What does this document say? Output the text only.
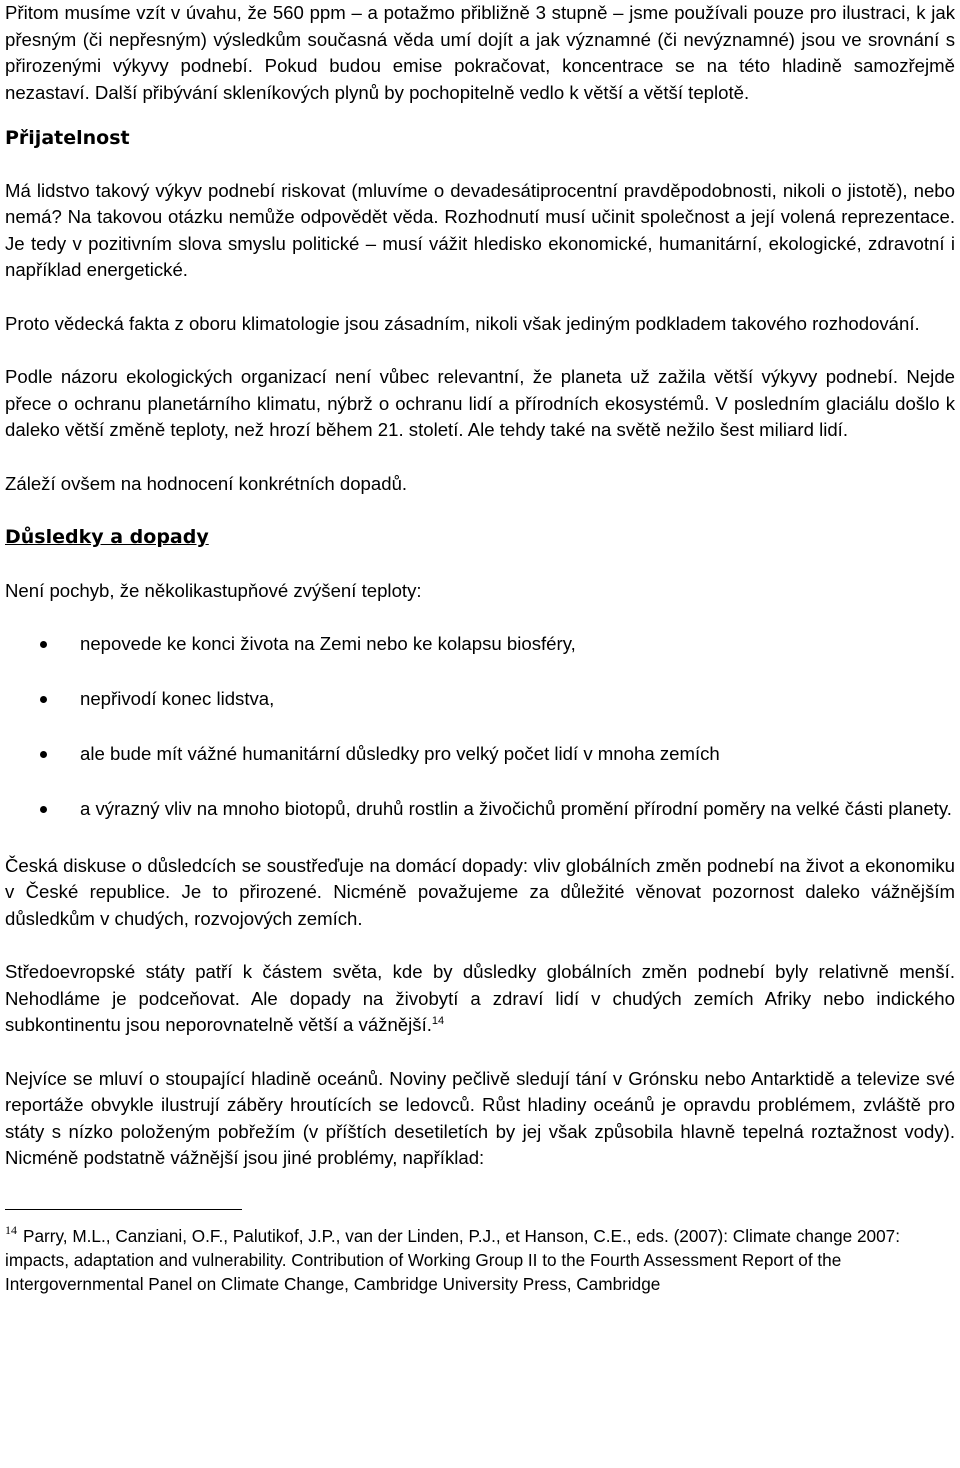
Přitom musíme vzít v úvahu, že 560 ppm – a potažmo přibližně 3 stupně – jsme používali pouze pro ilustraci, k jak přesným (či nepřesným) výsledkům současná věda umí dojít a jak významné (či nevýznamné) jsou ve srovnání s přirozenými výkyvy podnebí. Pokud budou emise pokračovat, koncentrace se na této hladině samozřejmě nezastaví. Další přibývání skleníkových plynů by pochopitelně vedlo k větší a větší teplotě.

Přijatelnost

Má lidstvo takový výkyv podnebí riskovat (mluvíme o devadesátiprocentní pravděpodobnosti, nikoli o jistotě), nebo nemá? Na takovou otázku nemůže odpovědět věda. Rozhodnutí musí učinit společnost a její volená reprezentace. Je tedy v pozitivním slova smyslu politické – musí vážit hledisko ekonomické, humanitární, ekologické, zdravotní i například energetické.

Proto vědecká fakta z oboru klimatologie jsou zásadním, nikoli však jediným podkladem takového rozhodování.

Podle názoru ekologických organizací není vůbec relevantní, že planeta už zažila větší výkyvy podnebí. Nejde přece o ochranu planetárního klimatu, nýbrž o ochranu lidí a přírodních ekosystémů. V posledním glaciálu došlo k daleko větší změně teploty, než hrozí během 21. století. Ale tehdy také na světě nežilo šest miliard lidí.

Záleží ovšem na hodnocení konkrétních dopadů.

Důsledky a dopady

Není pochyb, že několikastupňové zvýšení teploty:

nepovede ke konci života na Zemi nebo ke kolapsu biosféry,
nepřivodí konec lidstva,
ale bude mít vážné humanitární důsledky pro velký počet lidí v mnoha zemích
a výrazný vliv na mnoho biotopů, druhů rostlin a živočichů promění přírodní poměry na velké části planety.

Česká diskuse o důsledcích se soustřeďuje na domácí dopady: vliv globálních změn podnebí na život a ekonomiku v České republice. Je to přirozené. Nicméně považujeme za důležité věnovat pozornost daleko vážnějším důsledkům v chudých, rozvojových zemích.

Středoevropské státy patří k částem světa, kde by důsledky globálních změn podnebí byly relativně menší. Nehodláme je podceňovat. Ale dopady na živobytí a zdraví lidí v chudých zemích Afriky nebo indického subkontinentu jsou neporovnatelně větší a vážnější.$^{14}$

Nejvíce se mluví o stoupající hladině oceánů. Noviny pečlivě sledují tání v Grónsku nebo Antarktidě a televize své reportáže obvykle ilustrují záběry hroutících se ledovců. Růst hladiny oceánů je opravdu problémem, zvláště pro státy s nízko položeným pobřežím (v příštích desetiletích by jej však způsobila hlavně tepelná roztažnost vody). Nicméně podstatně vážnější jsou jiné problémy, například:

$^{14}$ Parry, M.L., Canziani, O.F., Palutikof, J.P., van der Linden, P.J., et Hanson, C.E., eds. (2007): Climate change 2007: impacts, adaptation and vulnerability. Contribution of Working Group II to the Fourth Assessment Report of the Intergovernmental Panel on Climate Change, Cambridge University Press, Cambridge
